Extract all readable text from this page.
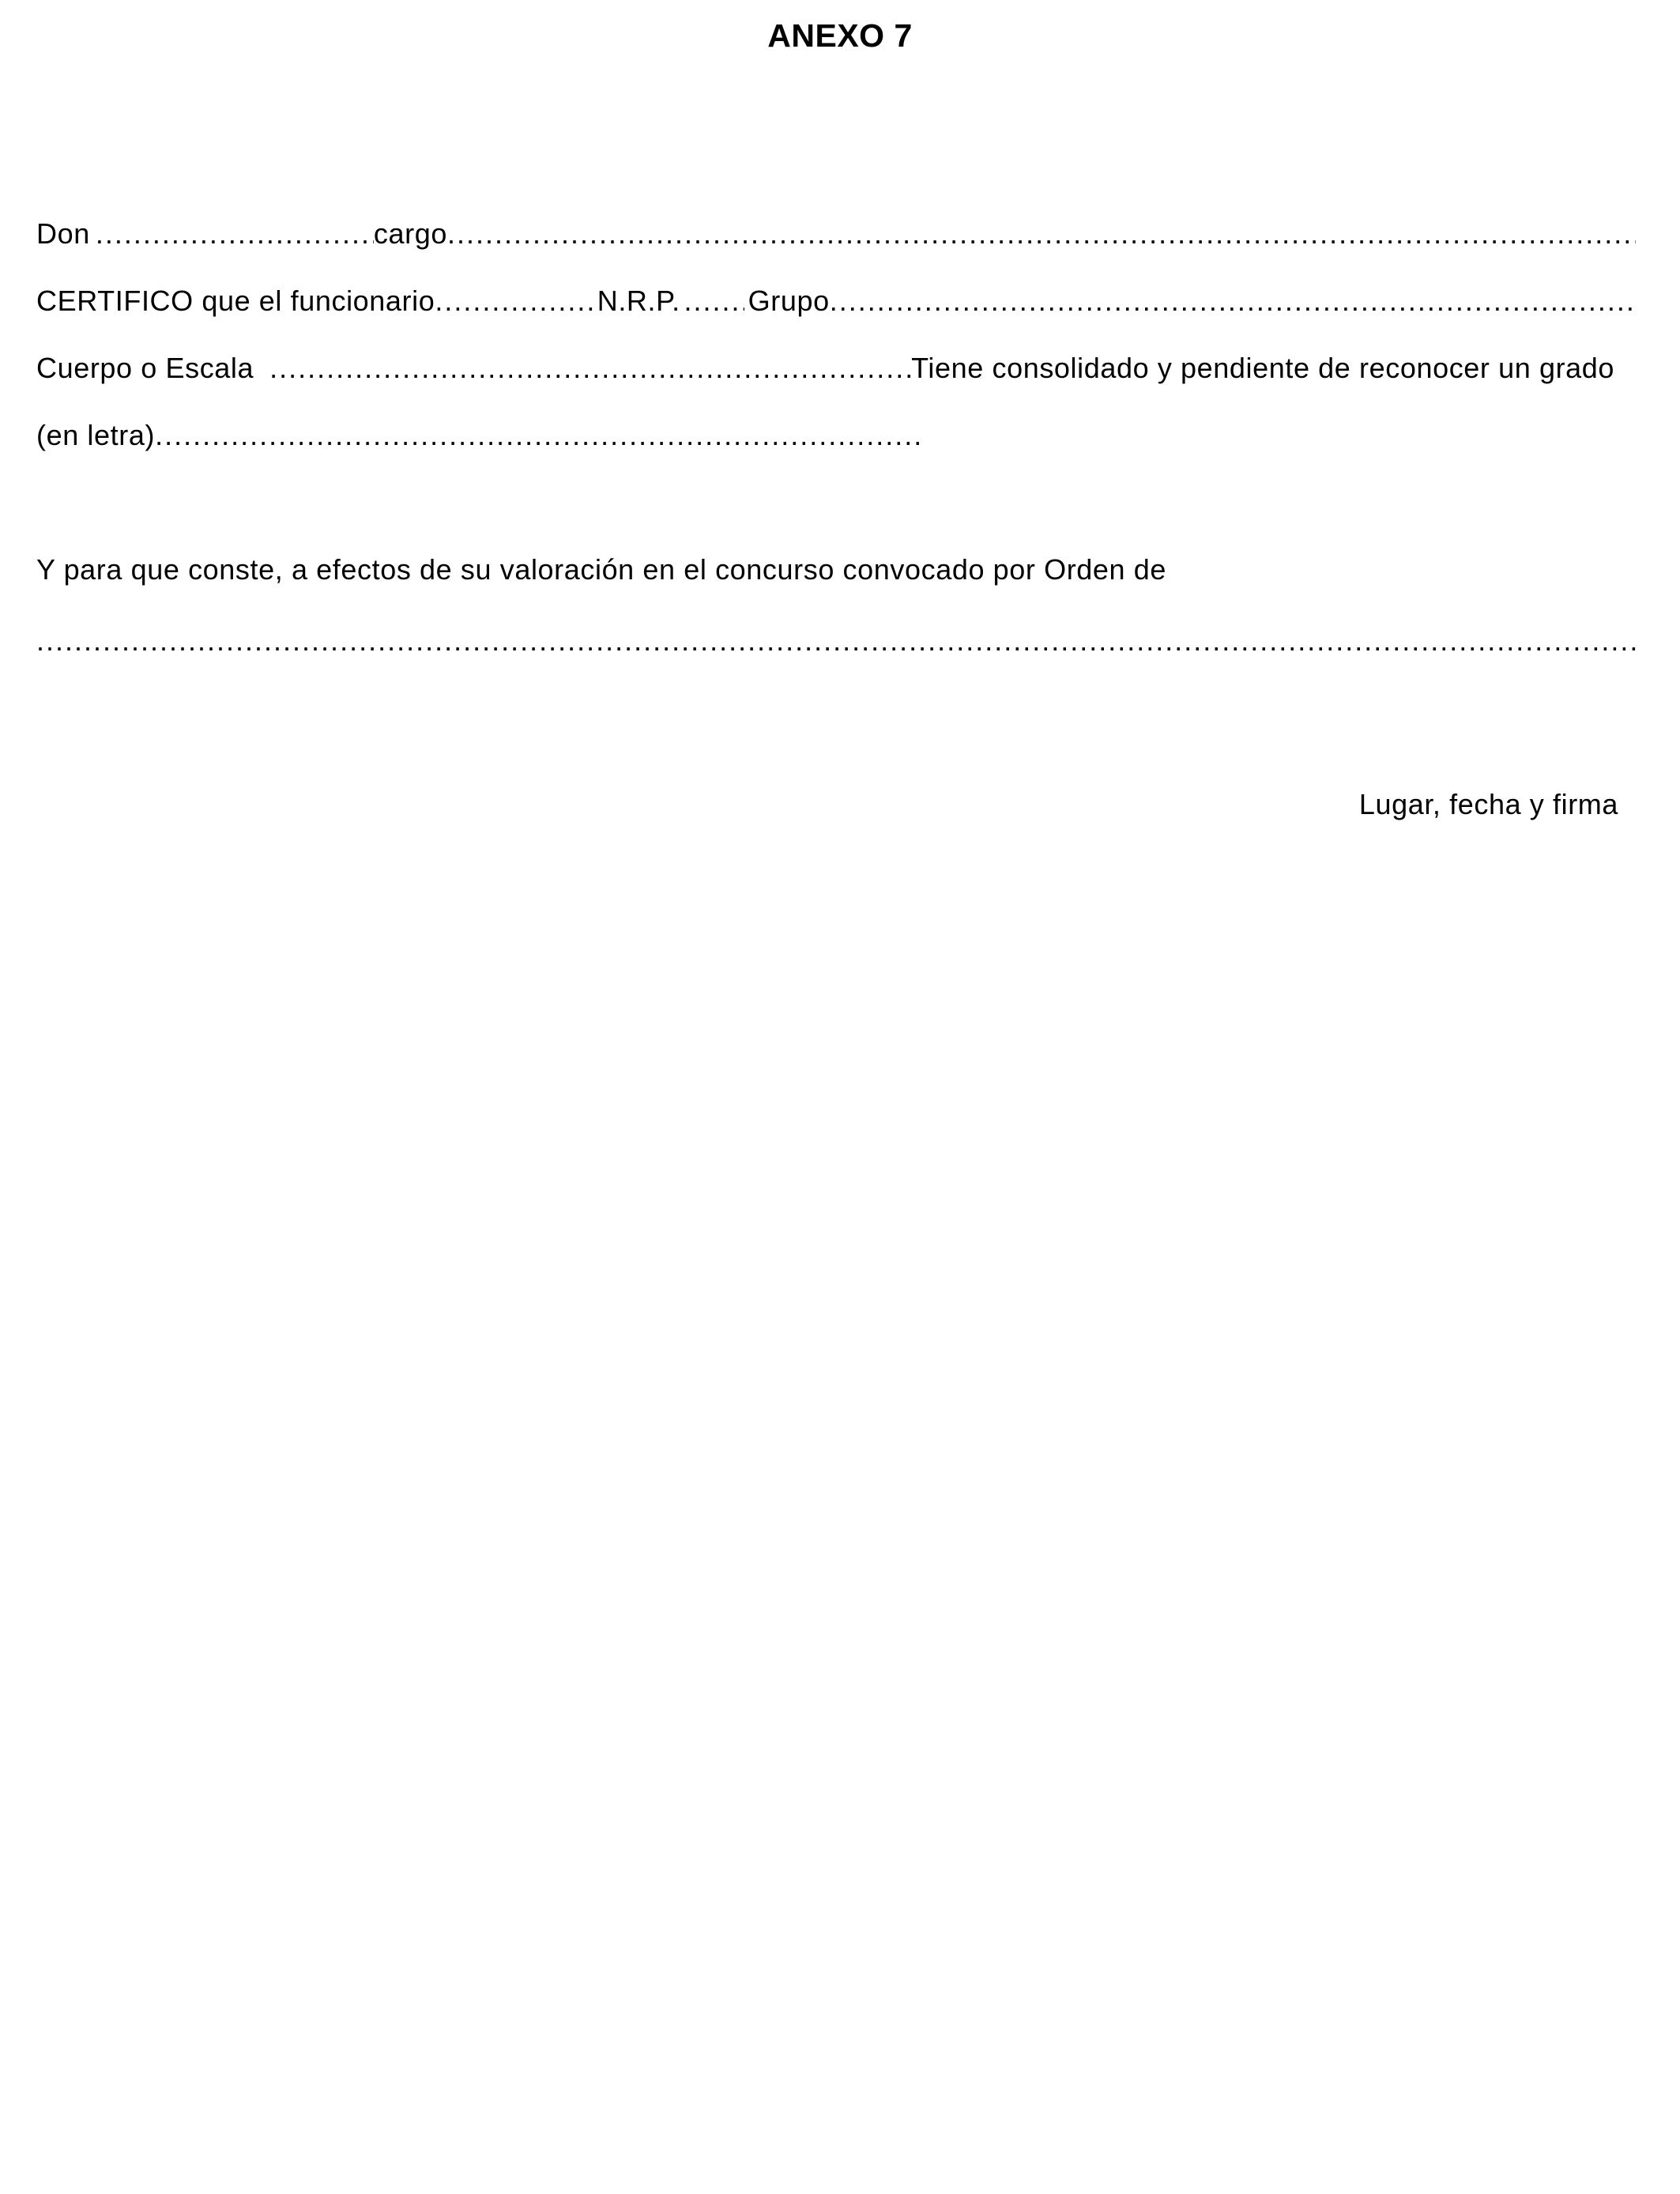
ANEXO 7
Don .....	cargo
.....
CERTIFICO que el funcionario .....	N.R.P. ..... Grupo
.....
Cuerpo o Escala .....	Tiene consolidado y pendiente de reconocer un grado
(en letra)
.....
Y para que conste, a efectos de su valoración en el concurso convocado por Orden de
.....
Lugar, fecha y firma
